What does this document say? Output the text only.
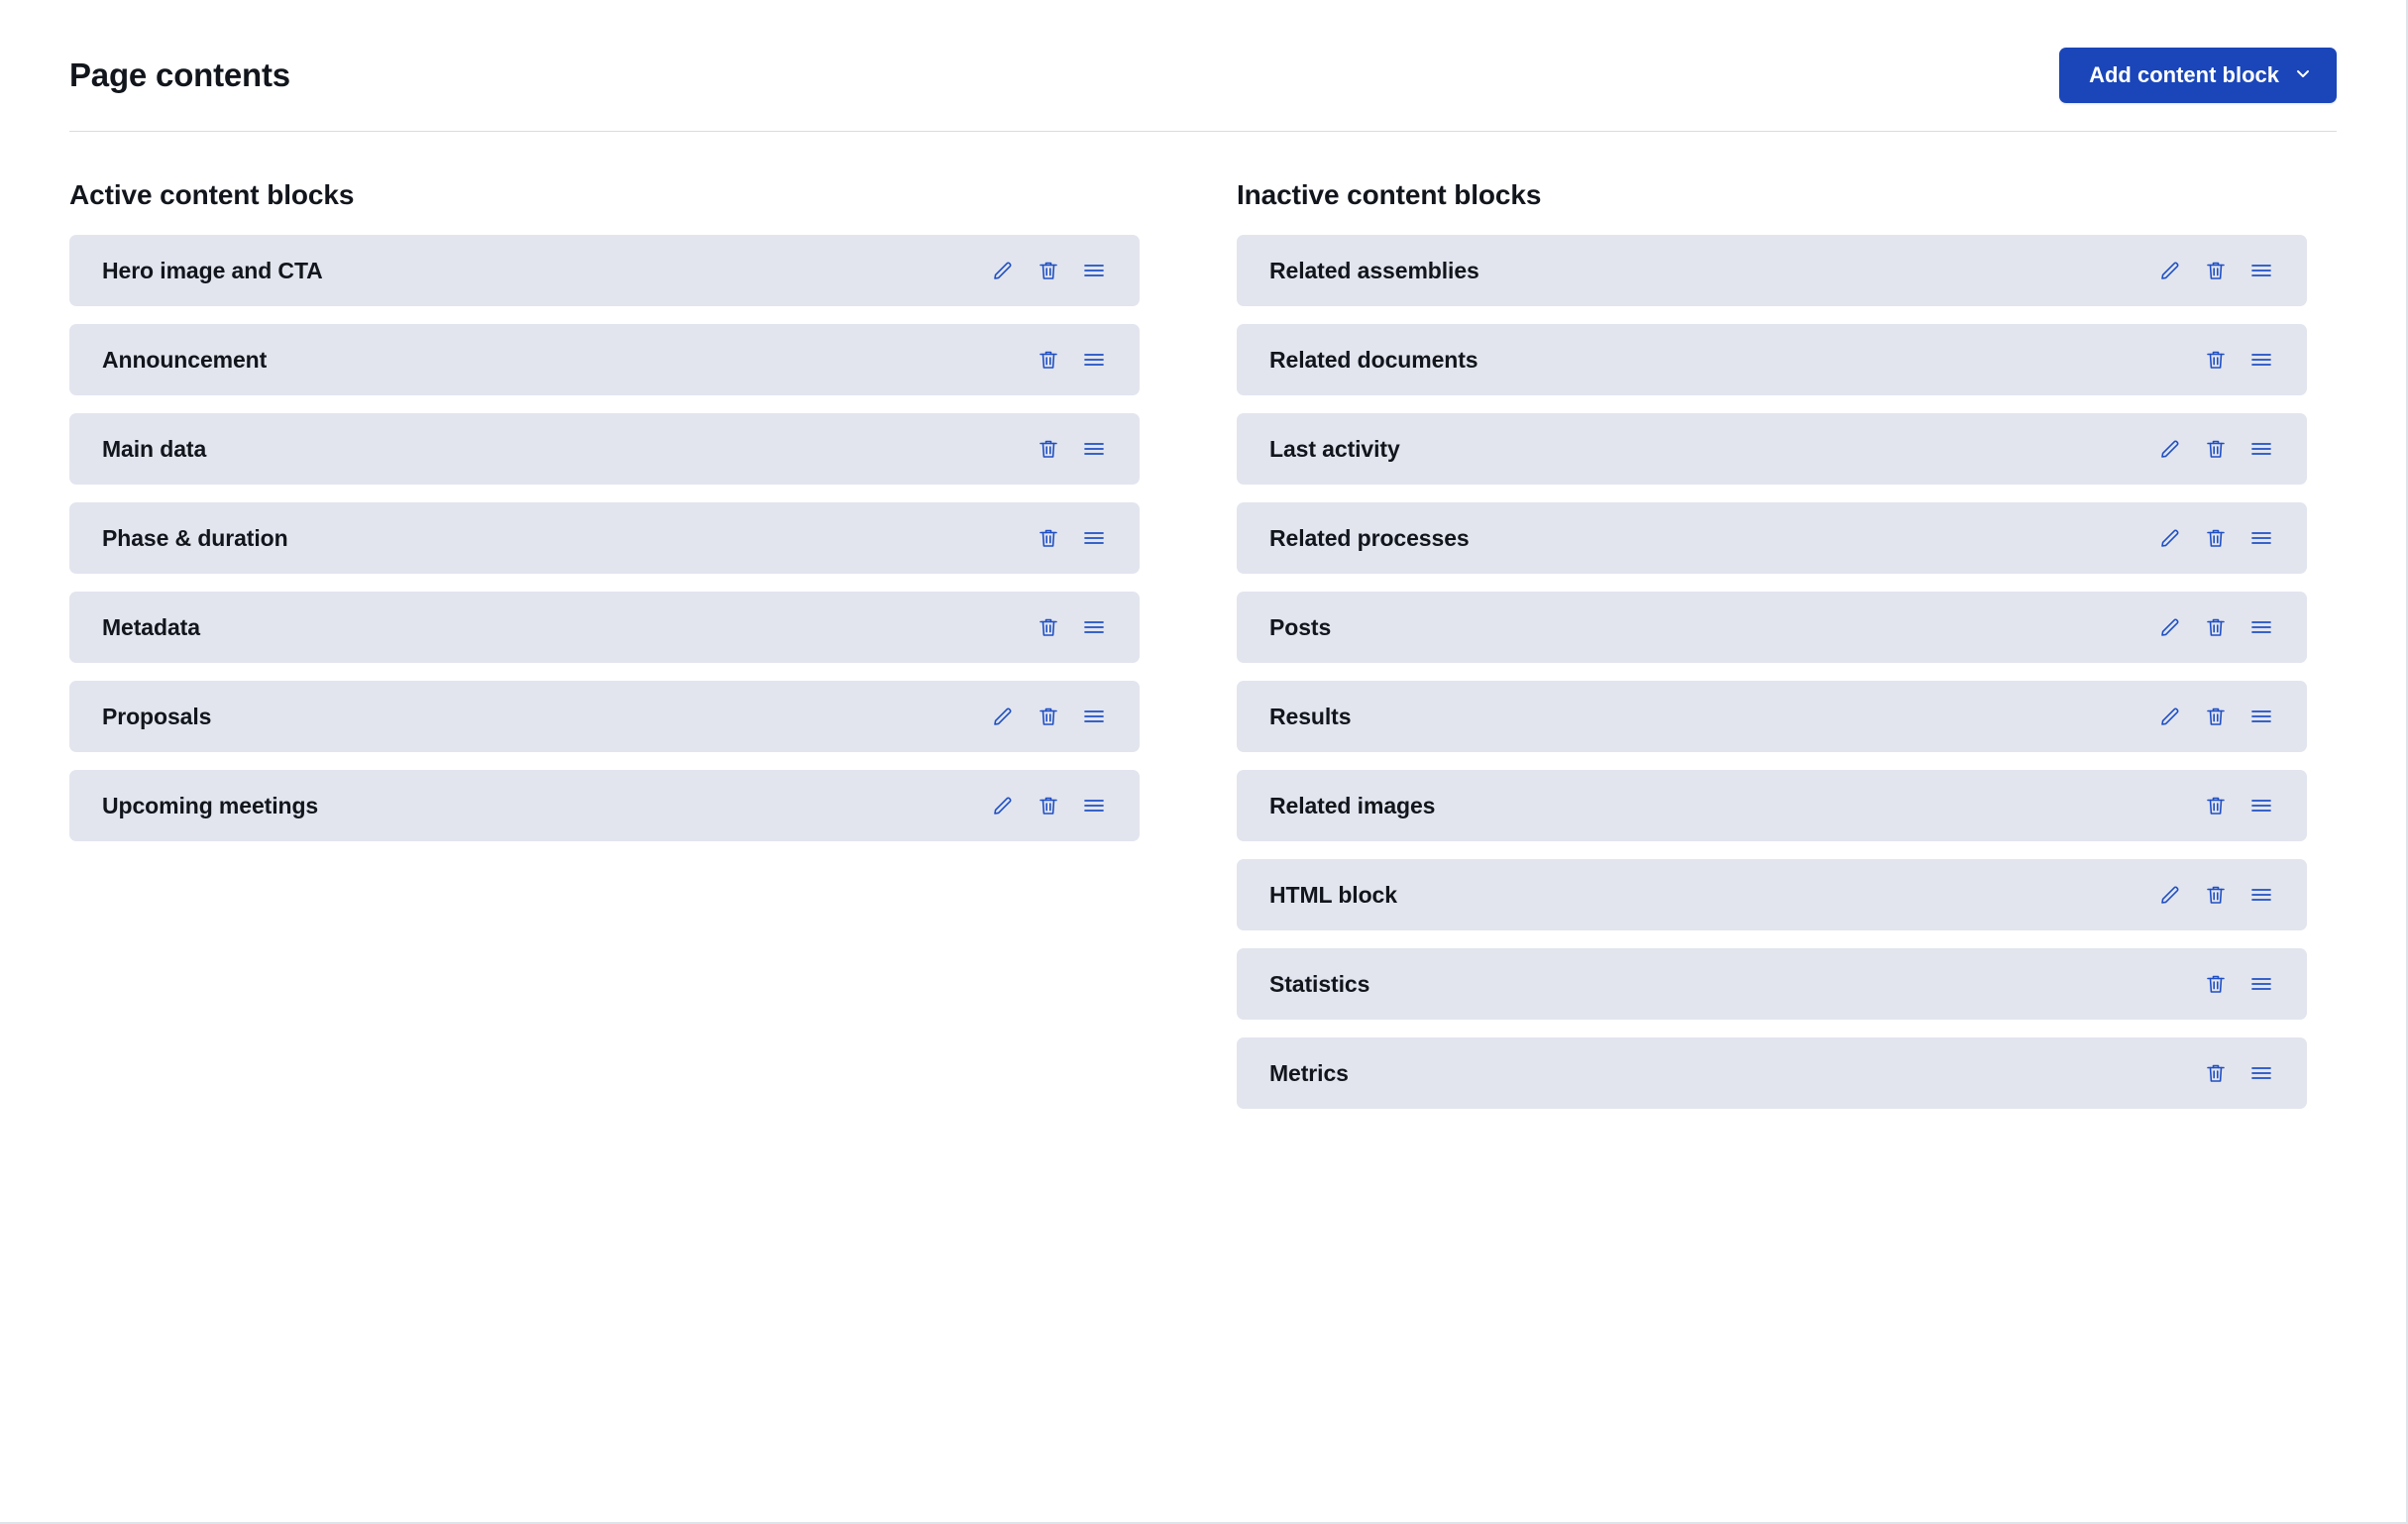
Page contents	Add content block
Active content blocks
Hero image and CTA
Announcement
Main data
Phase & duration
Metadata
Proposals
Upcoming meetings
Inactive content blocks
Related assemblies
Related documents
Last activity
Related processes
Posts
Results
Related images
HTML block
Statistics
Metrics
